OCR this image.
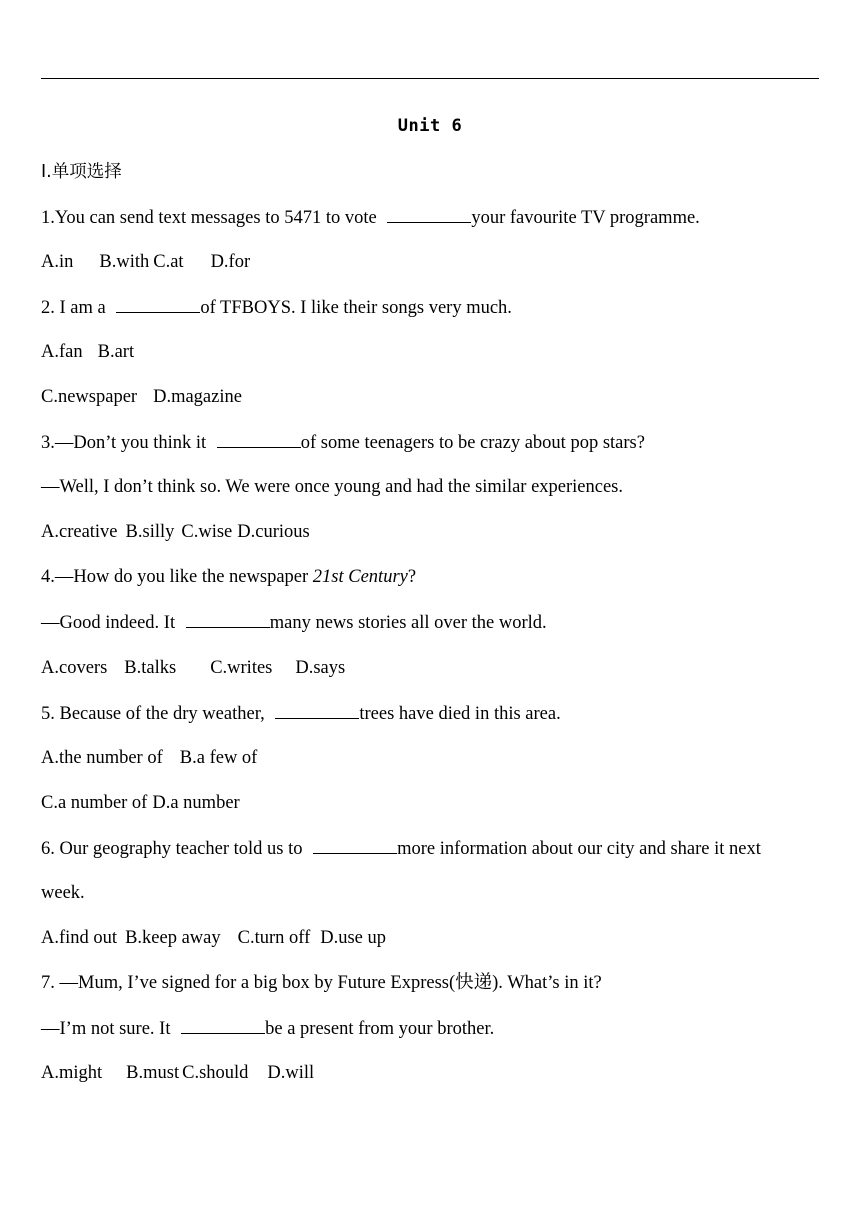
Unit 6
Ⅰ.单项选择
1.You can send text messages to 5471 to vote	your favourite TV programme.
A.in B.with C.at D.for
2. I am a	of TFBOYS. I like their songs very much.
A.fan B.art
C.newspaper D.magazine
3.—Don’t you think it	of some teenagers to be crazy about pop stars?
—Well, I don’t think so. We were once young and had the similar experiences.
A.creative B.silly C.wise D.curious
4.—How do you like the newspaper 21st Century?
—Good indeed. It	many news stories all over the world.
A.covers B.talks C.writes D.says
5. Because of the dry weather,	trees have died in this area.
A.the number of B.a few of
C.a number of D.a number
6. Our geography teacher told us to	more information about our city and share it next
week.
A.find out B.keep away C.turn off D.use up
7. —Mum, I’ve signed for a big box by Future Express(快递). What’s in it?
—I’m not sure. It	be a present from your brother.
A.might B.must C.should D.will
